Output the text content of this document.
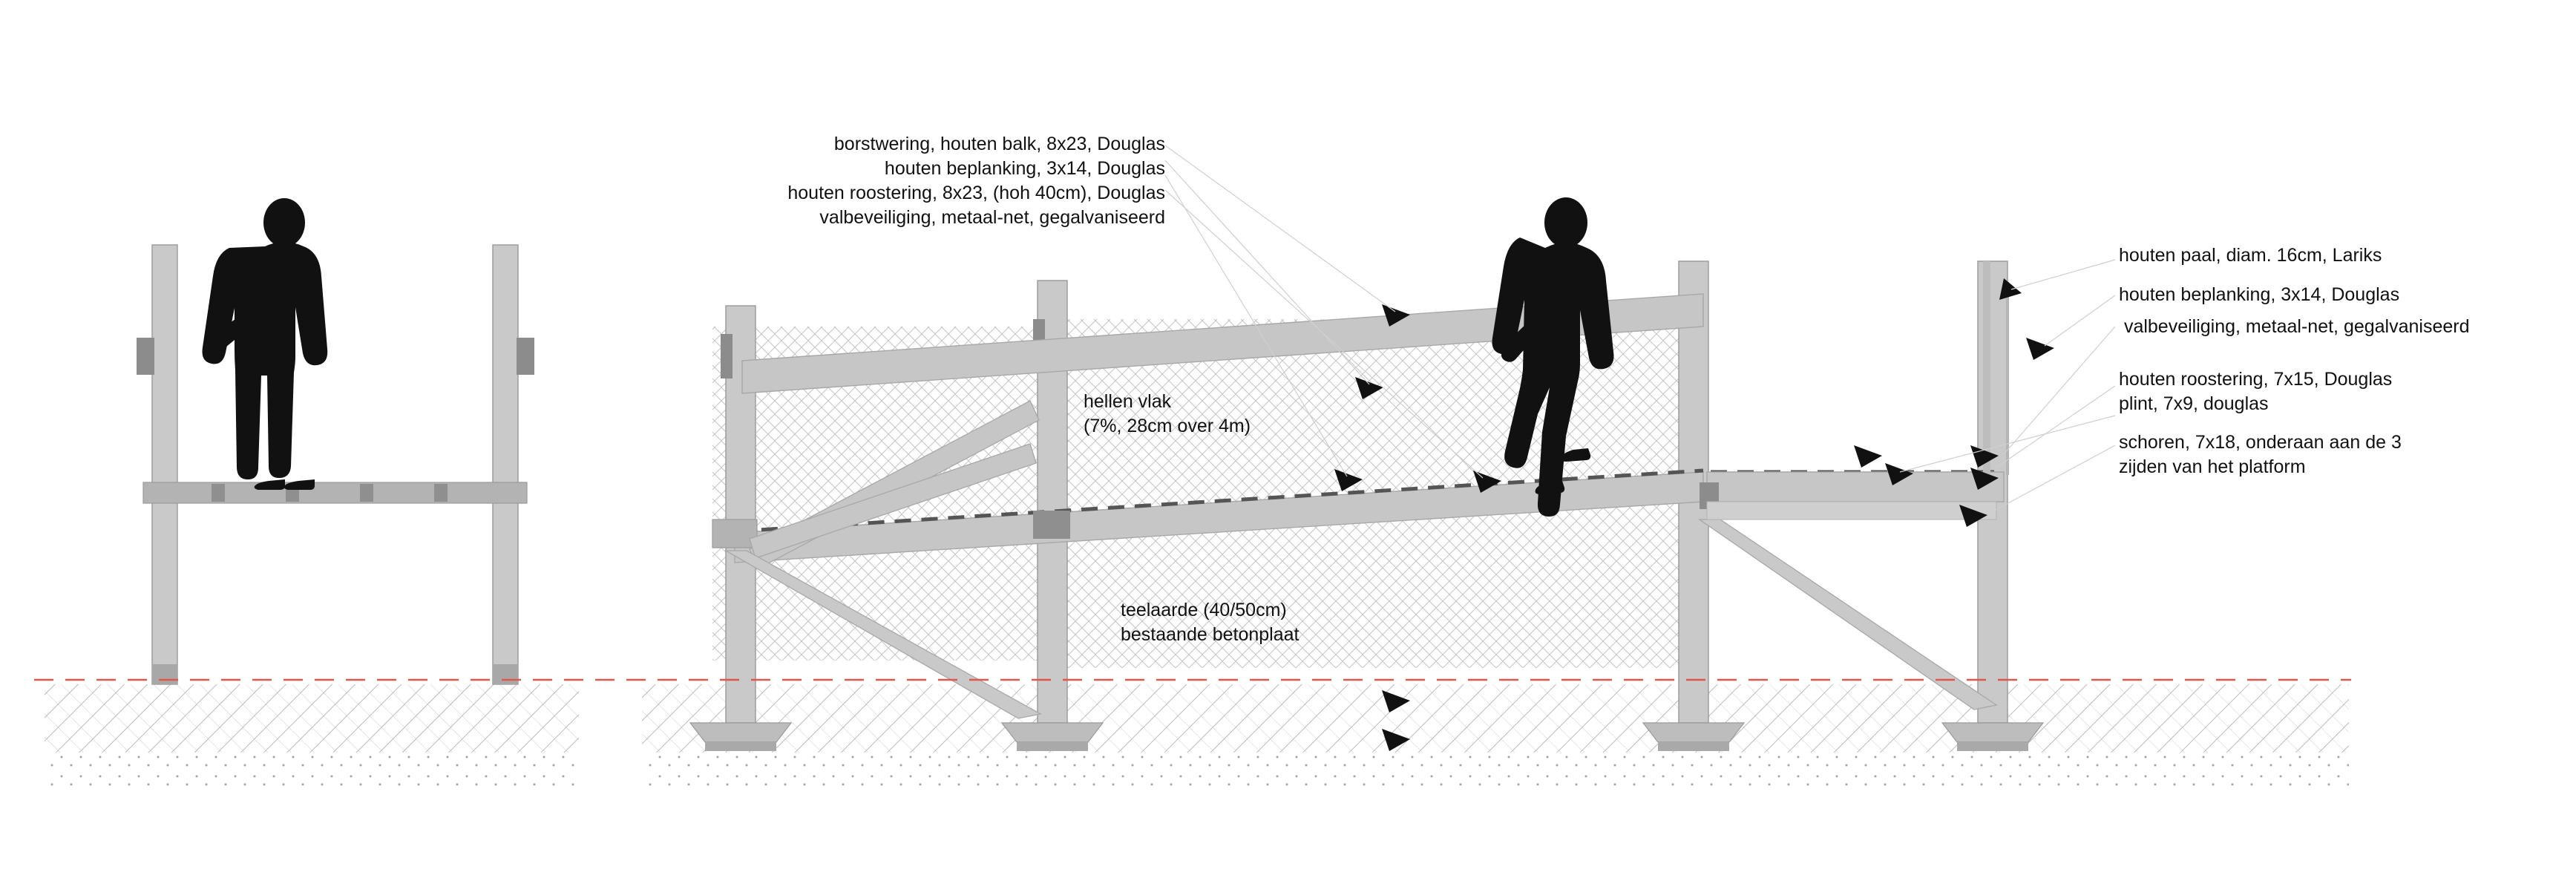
borstwering, houten balk, 8x23, Douglas
houten beplanking, 3x14, Douglas
houten roostering, 8x23, (hoh 40cm), Douglas
valbeveiliging, metaal-net, gegalvaniseerd
hellen vlak
(7%, 28cm over 4m)
teelaarde (40/50cm)
bestaande betonplaat
houten paal, diam. 16cm, Lariks
houten beplanking, 3x14, Douglas
valbeveiliging, metaal-net, gegalvaniseerd
houten roostering, 7x15, Douglas
plint, 7x9, douglas
schoren, 7x18, onderaan aan de 3
zijden van het platform
